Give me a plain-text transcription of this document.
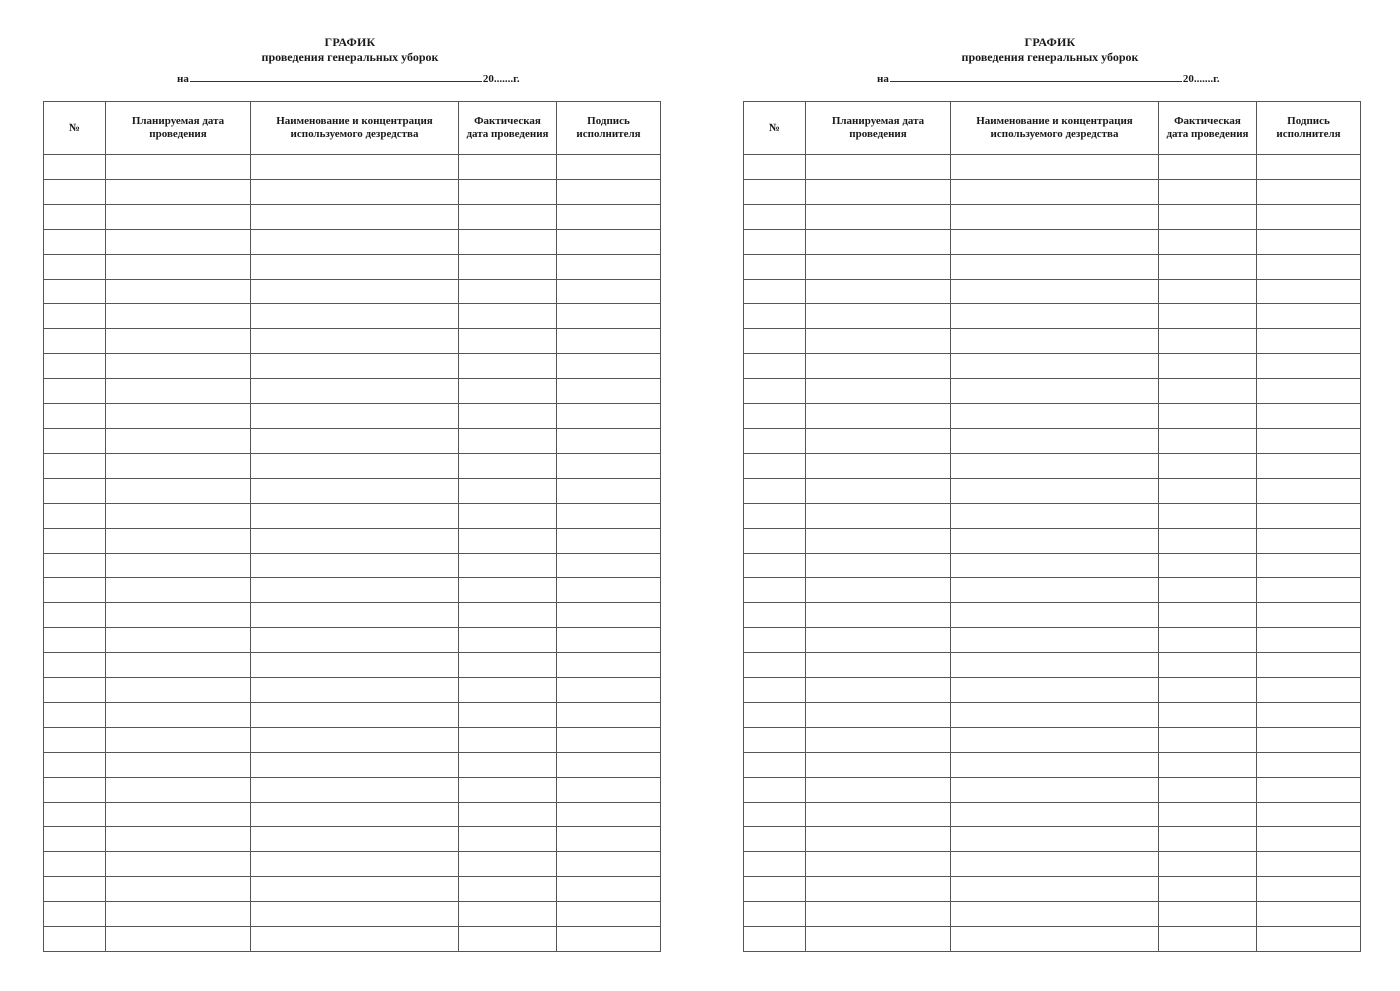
ГРАФИК
проведения генеральных уборок
на	20.......г.
№	Планируемая дата проведения	Наименование и концентрация используемого дезредства	Фактическая дата проведения	Подпись исполнителя

ГРАФИК
проведения генеральных уборок
на	20.......г.
№	Планируемая дата проведения	Наименование и концентрация используемого дезредства	Фактическая дата проведения	Подпись исполнителя
